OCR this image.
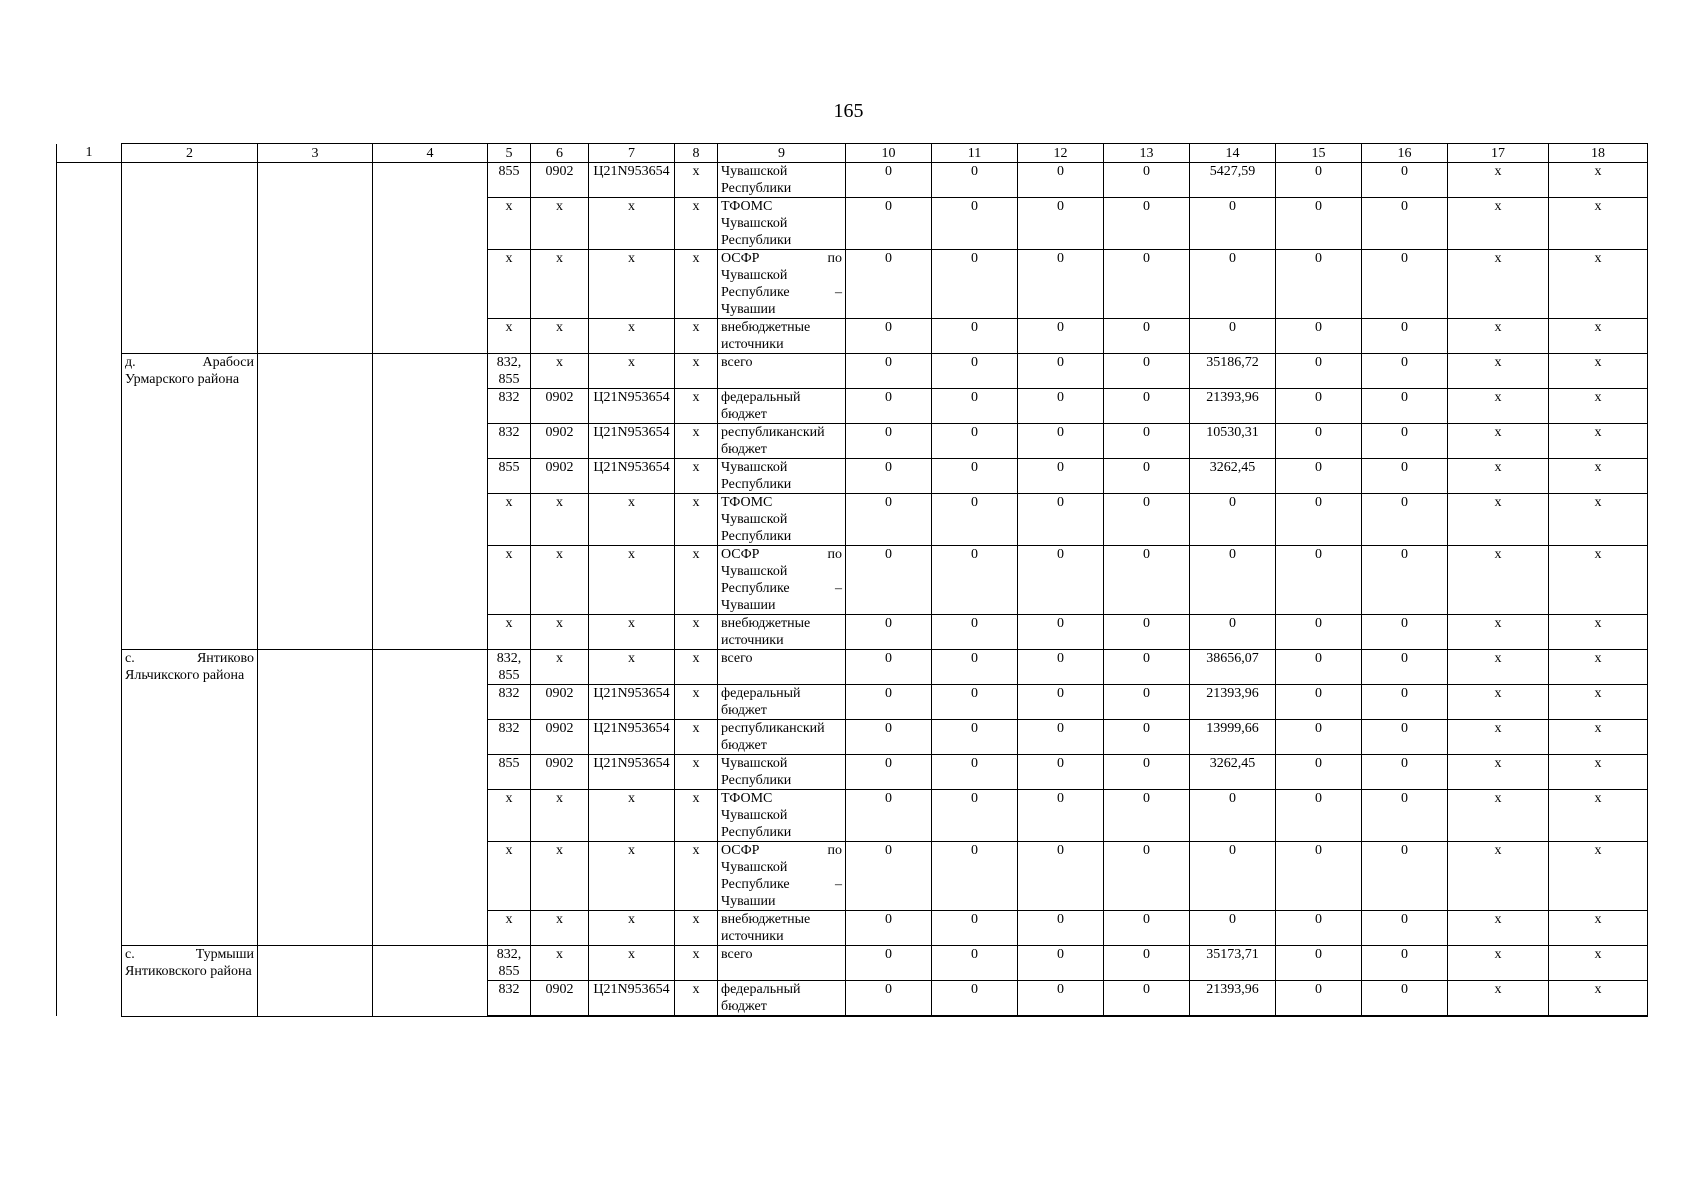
165
1	2	3	4	5	6	7	8	9	10	11	12	13	14	15	16	17	18
				855	0902	Ц21N953654	х	Чувашской Республики	0	0	0	0	5427,59	0	0	х	х
				х	х	х	х	ТФОМС Чувашской Республики	0	0	0	0	0	0	0	х	х
				х	х	х	х	ОСФР по Чувашской Республике – Чувашии	0	0	0	0	0	0	0	х	х
				х	х	х	х	внебюджетные источники	0	0	0	0	0	0	0	х	х
	д. Арабоси Урмарского района			832, 855	х	х	х	всего	0	0	0	0	35186,72	0	0	х	х
				832	0902	Ц21N953654	х	федеральный бюджет	0	0	0	0	21393,96	0	0	х	х
				832	0902	Ц21N953654	х	республиканский бюджет	0	0	0	0	10530,31	0	0	х	х
				855	0902	Ц21N953654	х	Чувашской Республики	0	0	0	0	3262,45	0	0	х	х
				х	х	х	х	ТФОМС Чувашской Республики	0	0	0	0	0	0	0	х	х
				х	х	х	х	ОСФР по Чувашской Республике – Чувашии	0	0	0	0	0	0	0	х	х
				х	х	х	х	внебюджетные источники	0	0	0	0	0	0	0	х	х
	с. Янтиково Яльчикского района			832, 855	х	х	х	всего	0	0	0	0	38656,07	0	0	х	х
				832	0902	Ц21N953654	х	федеральный бюджет	0	0	0	0	21393,96	0	0	х	х
				832	0902	Ц21N953654	х	республиканский бюджет	0	0	0	0	13999,66	0	0	х	х
				855	0902	Ц21N953654	х	Чувашской Республики	0	0	0	0	3262,45	0	0	х	х
				х	х	х	х	ТФОМС Чувашской Республики	0	0	0	0	0	0	0	х	х
				х	х	х	х	ОСФР по Чувашской Республике – Чувашии	0	0	0	0	0	0	0	х	х
				х	х	х	х	внебюджетные источники	0	0	0	0	0	0	0	х	х
	с. Турмыши Янтиковского района			832, 855	х	х	х	всего	0	0	0	0	35173,71	0	0	х	х
				832	0902	Ц21N953654	х	федеральный бюджет	0	0	0	0	21393,96	0	0	х	х
